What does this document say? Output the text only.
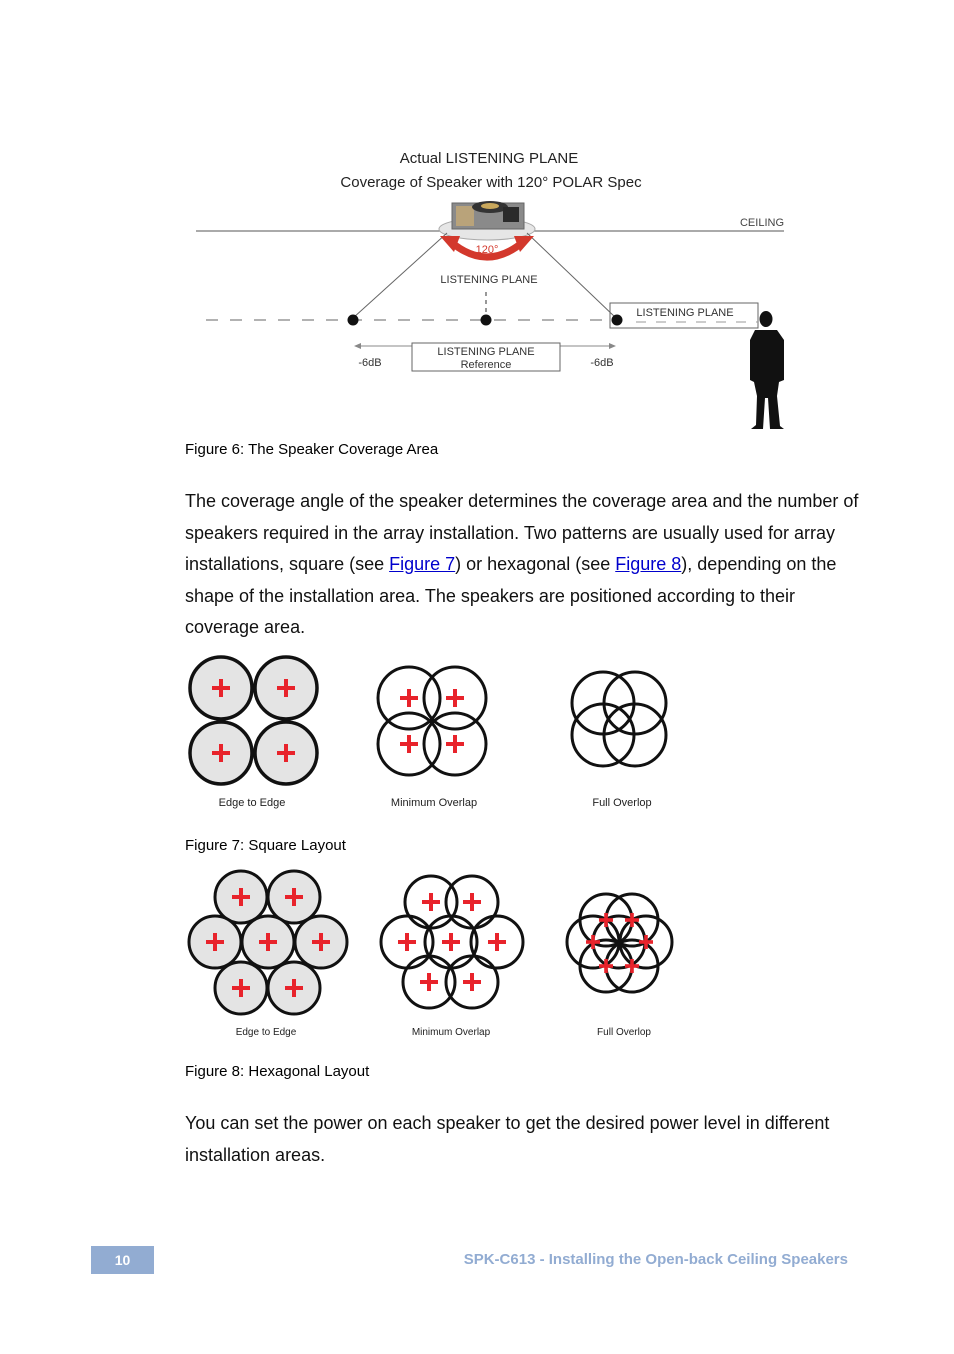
Actual LISTENING PLANE
Coverage of Speaker with 120° POLAR Spec
CEILING
120°
LISTENING PLANE
LISTENING PLANE
LISTENING PLANE
Reference
-6dB	-6dB
Figure 6: The Speaker Coverage Area
The coverage angle of the speaker determines the coverage area and the number of speakers required in the array installation. Two patterns are usually used for array installations, square (see Figure 7) or hexagonal (see Figure 8), depending on the shape of the installation area. The speakers are positioned according to their coverage area.
Edge to Edge	Minimum Overlap	Full Overlop
Figure 7: Square Layout
Edge to Edge	Minimum Overlap	Full Overlop
Figure 8: Hexagonal Layout
You can set the power on each speaker to get the desired power level in different installation areas.
10	SPK-C613 - Installing the Open-back Ceiling Speakers
